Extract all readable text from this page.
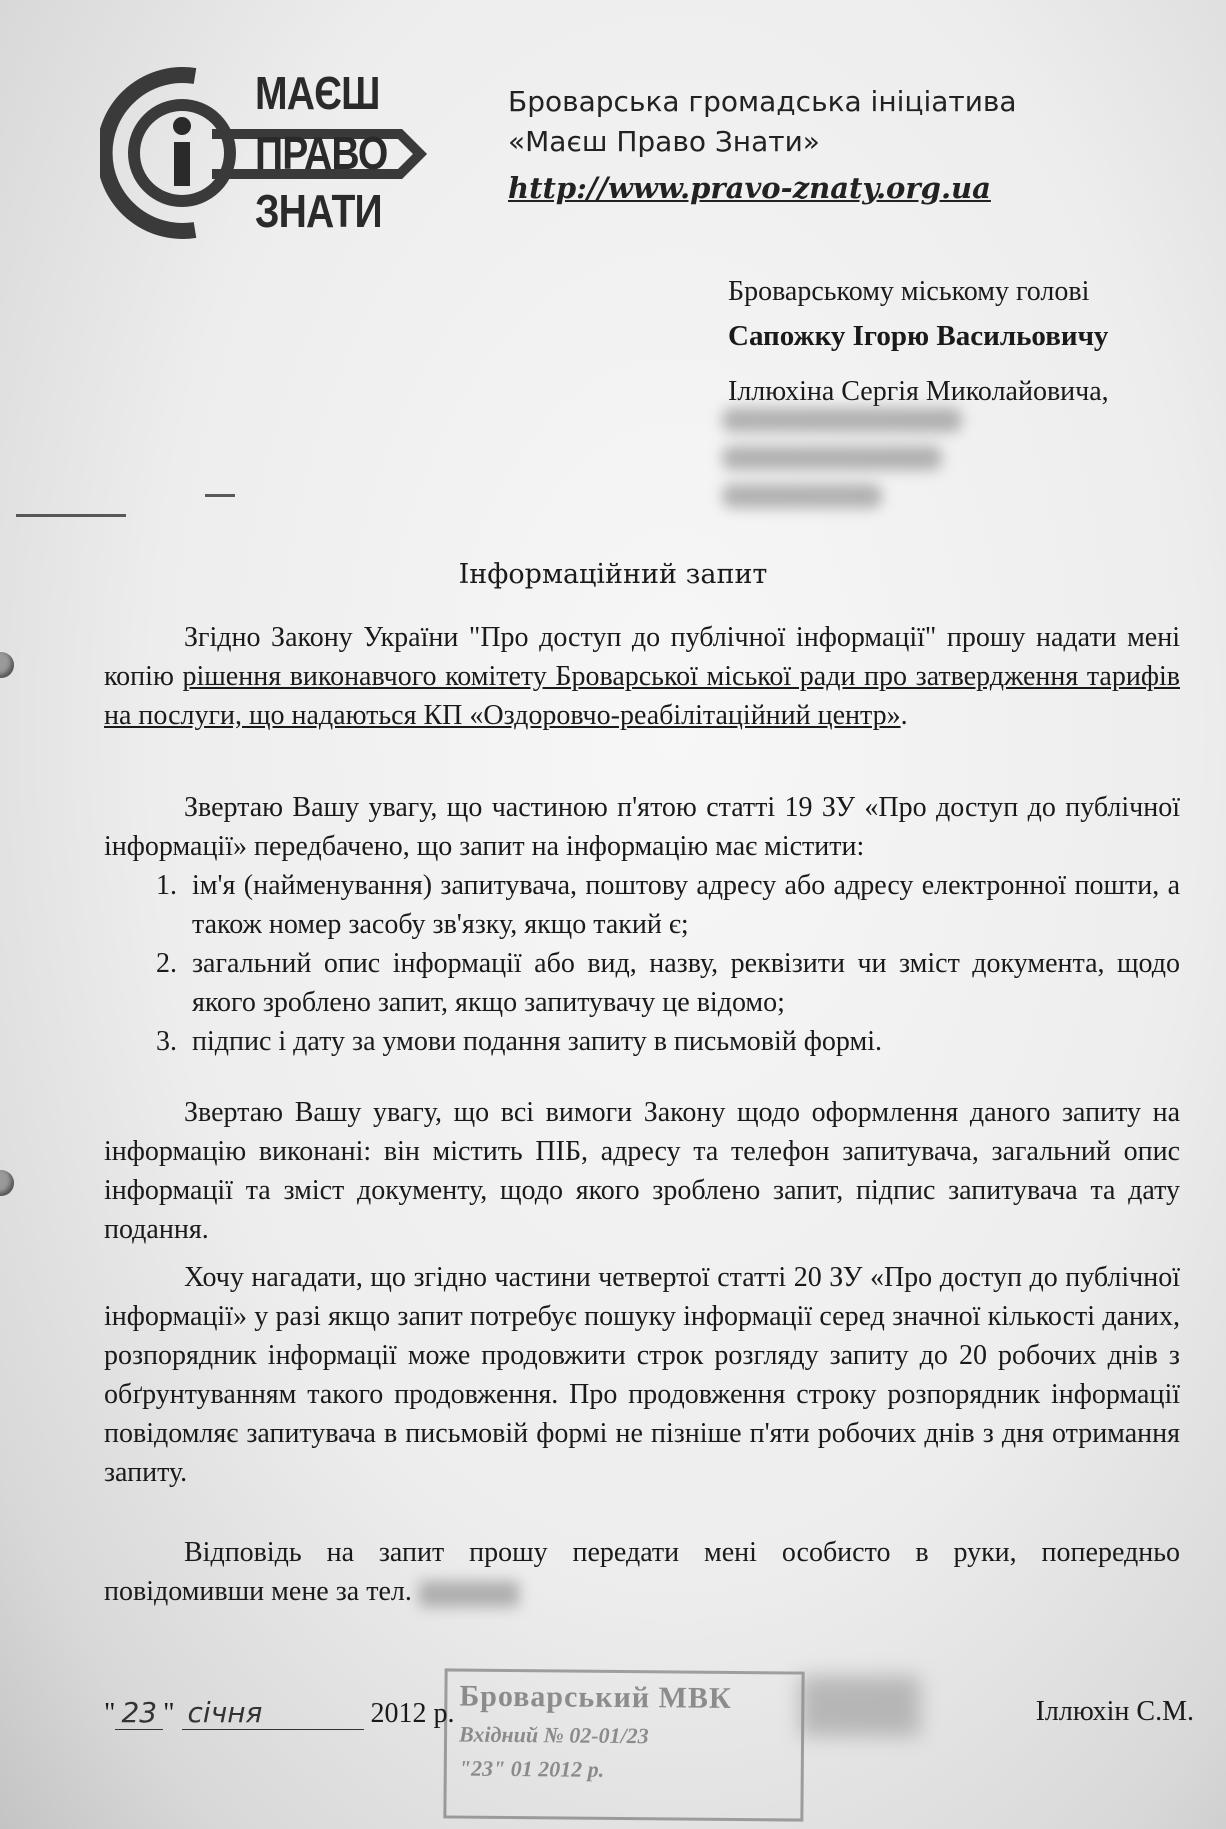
МАЄШ
ПРАВО
ЗНАТИ
Броварська громадська ініціатива
«Маєш Право Знати»
http://www.pravo-znaty.org.ua
Броварському міському голові
Сапожку Ігорю Васильовичу
Іллюхіна Сергія Миколайовича,
Інформаційний запит

Згідно Закону України "Про доступ до публічної інформації" прошу надати мені копію рішення виконавчого комітету Броварської міської ради про затвердження тарифів на послуги, що надаються КП «Оздоровчо-реабілітаційний центр».

Звертаю Вашу увагу, що частиною п'ятою статті 19 ЗУ «Про доступ до публічної інформації» передбачено, що запит на інформацію має містити:

1. ім'я (найменування) запитувача, поштову адресу або адресу електронної пошти, а також номер засобу зв'язку, якщо такий є;
2. загальний опис інформації або вид, назву, реквізити чи зміст документа, щодо якого зроблено запит, якщо запитувачу це відомо;
3. підпис і дату за умови подання запиту в письмовій формі.

Звертаю Вашу увагу, що всі вимоги Закону щодо оформлення даного запиту на інформацію виконані: він містить ПІБ, адресу та телефон запитувача, загальний опис інформації та зміст документу, щодо якого зроблено запит, підпис запитувача та дату подання.

Хочу нагадати, що згідно частини четвертої статті 20 ЗУ «Про доступ до публічної інформації» у разі якщо запит потребує пошуку інформації серед значної кількості даних, розпорядник інформації може продовжити строк розгляду запиту до 20 робочих днів з обґрунтуванням такого продовження. Про продовження строку розпорядник інформації повідомляє запитувача в письмовій формі не пізніше п'яти робочих днів з дня отримання запиту.

Відповідь на запит прошу передати мені особисто в руки, попередньо повідомивши мене за тел.

Броварський МВК
Вхідний № 02-01/23
"23" 01 2012 р.
" 23 " січня	2012 р.	Іллюхін С.М.
